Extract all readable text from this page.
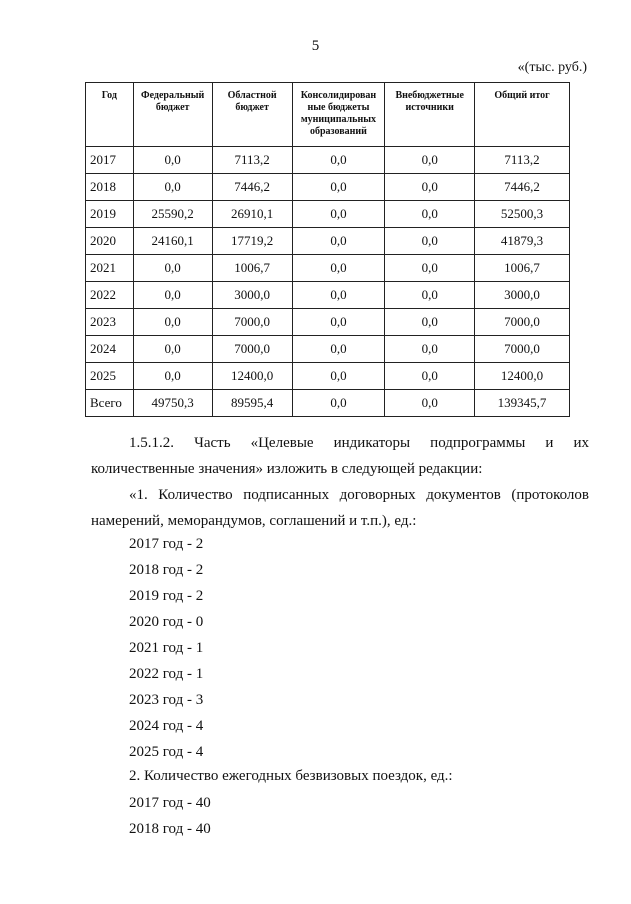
5
«(тыс. руб.)
Год	Федеральный бюджет	Областной бюджет	Консолидирован ные бюджеты муниципальных образований	Внебюджетные источники	Общий итог
2017	0,0	7113,2	0,0	0,0	7113,2
2018	0,0	7446,2	0,0	0,0	7446,2
2019	25590,2	26910,1	0,0	0,0	52500,3
2020	24160,1	17719,2	0,0	0,0	41879,3
2021	0,0	1006,7	0,0	0,0	1006,7
2022	0,0	3000,0	0,0	0,0	3000,0
2023	0,0	7000,0	0,0	0,0	7000,0
2024	0,0	7000,0	0,0	0,0	7000,0
2025	0,0	12400,0	0,0	0,0	12400,0
Всего	49750,3	89595,4	0,0	0,0	139345,7
1.5.1.2. Часть «Целевые индикаторы подпрограммы и их
количественные значения» изложить в следующей редакции:
«1. Количество подписанных договорных документов (протоколов
намерений, меморандумов, соглашений и т.п.), ед.:
2017 год - 2
2018 год - 2
2019 год - 2
2020 год - 0
2021 год - 1
2022 год - 1
2023 год - 3
2024 год - 4
2025 год - 4
2. Количество ежегодных безвизовых поездок, ед.:
2017 год - 40
2018 год - 40
